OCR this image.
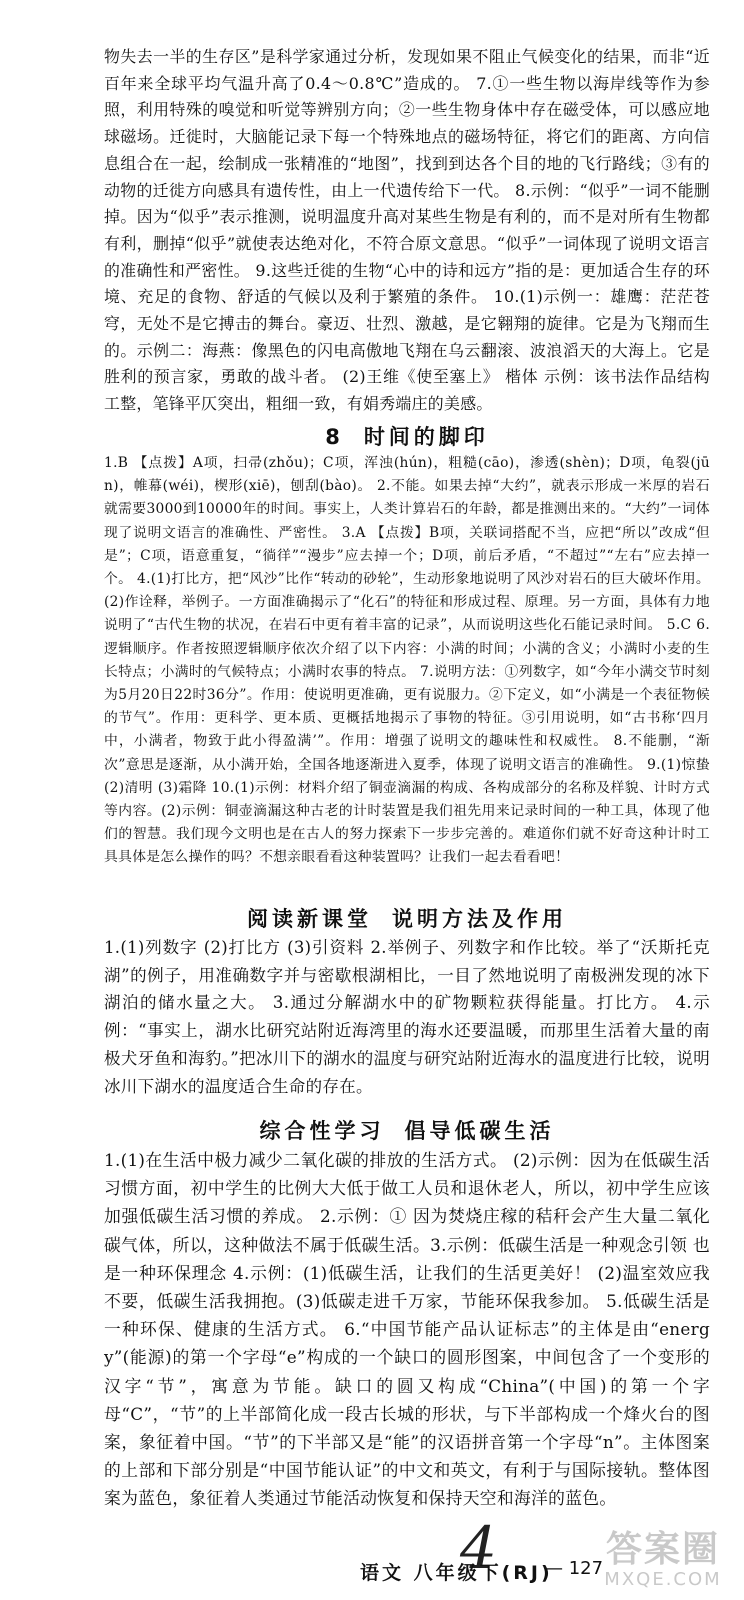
物失去一半的生存区”是科学家通过分析，发现如果不阻止气候变化的结果，而非“近百年来全球平均气温升高了0.4～0.8℃”造成的。 7.①一些生物以海岸线等作为参照，利用特殊的嗅觉和听觉等辨别方向；②一些生物身体中存在磁受体，可以感应地球磁场。迁徙时，大脑能记录下每一个特殊地点的磁场特征，将它们的距离、方向信息组合在一起，绘制成一张精准的“地图”，找到到达各个目的地的飞行路线；③有的动物的迁徙方向感具有遗传性，由上一代遗传给下一代。 8.示例：“似乎”一词不能删掉。因为“似乎”表示推测，说明温度升高对某些生物是有利的，而不是对所有生物都有利，删掉“似乎”就使表达绝对化，不符合原文意思。“似乎”一词体现了说明文语言的准确性和严密性。 9.这些迁徙的生物“心中的诗和远方”指的是：更加适合生存的环境、充足的食物、舒适的气候以及利于繁殖的条件。 10.(1)示例一：雄鹰：茫茫苍穹，无处不是它搏击的舞台。豪迈、壮烈、激越，是它翱翔的旋律。它是为飞翔而生的。示例二：海燕：像黑色的闪电高傲地飞翔在乌云翻滚、波浪滔天的大海上。它是胜利的预言家，勇敢的战斗者。 (2)王维《使至塞上》 楷体 示例：该书法作品结构工整，笔锋平仄突出，粗细一致，有娟秀端庄的美感。

8 时间的脚印

1.B 【点拨】A项，扫帚(zhǒu)；C项，浑浊(hún)，粗糙(cāo)，渗透(shèn)；D项，龟裂(jūn)，帷幕(wéi)，楔形(xiē)，刨刮(bào)。 2.不能。如果去掉“大约”，就表示形成一米厚的岩石就需要3000到10000年的时间。事实上，人类计算岩石的年龄，都是推测出来的。“大约”一词体现了说明文语言的准确性、严密性。 3.A 【点拨】B项，关联词搭配不当，应把“所以”改成“但是”；C项，语意重复，“徜徉”“漫步”应去掉一个；D项，前后矛盾，“不超过”“左右”应去掉一个。 4.(1)打比方，把“风沙”比作“转动的砂轮”，生动形象地说明了风沙对岩石的巨大破坏作用。 (2)作诠释，举例子。一方面准确揭示了“化石”的特征和形成过程、原理。另一方面，具体有力地说明了“古代生物的状况，在岩石中更有着丰富的记录”，从而说明这些化石能记录时间。 5.C 6.逻辑顺序。作者按照逻辑顺序依次介绍了以下内容：小满的时间；小满的含义；小满时小麦的生长特点；小满时的气候特点；小满时农事的特点。 7.说明方法：①列数字，如“今年小满交节时刻为5月20日22时36分”。作用：使说明更准确，更有说服力。②下定义，如“小满是一个表征物候的节气”。作用：更科学、更本质、更概括地揭示了事物的特征。③引用说明，如“古书称‘四月中，小满者，物致于此小得盈满’”。作用：增强了说明文的趣味性和权威性。 8.不能删，“渐次”意思是逐渐，从小满开始，全国各地逐渐进入夏季，体现了说明文语言的准确性。 9.(1)惊蛰 (2)清明 (3)霜降 10.(1)示例：材料介绍了铜壶滴漏的构成、各构成部分的名称及样貌、计时方式等内容。(2)示例：铜壶滴漏这种古老的计时装置是我们祖先用来记录时间的一种工具，体现了他们的智慧。我们现今文明也是在古人的努力探索下一步步完善的。难道你们就不好奇这种计时工具具体是怎么操作的吗？不想亲眼看看这种装置吗？让我们一起去看看吧！

阅读新课堂 说明方法及作用

1.(1)列数字 (2)打比方 (3)引资料 2.举例子、列数字和作比较。举了“沃斯托克湖”的例子，用准确数字并与密歇根湖相比，一目了然地说明了南极洲发现的冰下湖泊的储水量之大。 3.通过分解湖水中的矿物颗粒获得能量。打比方。 4.示例：“事实上，湖水比研究站附近海湾里的海水还要温暖，而那里生活着大量的南极犬牙鱼和海豹。”把冰川下的湖水的温度与研究站附近海水的温度进行比较，说明冰川下湖水的温度适合生命的存在。

综合性学习 倡导低碳生活

1.(1)在生活中极力减少二氧化碳的排放的生活方式。 (2)示例：因为在低碳生活习惯方面，初中学生的比例大大低于做工人员和退休老人，所以，初中学生应该加强低碳生活习惯的养成。 2.示例：① 因为焚烧庄稼的秸秆会产生大量二氧化碳气体，所以，这种做法不属于低碳生活。3.示例：低碳生活是一种观念引领 也是一种环保理念 4.示例：(1)低碳生活，让我们的生活更美好！ (2)温室效应我不要，低碳生活我拥抱。(3)低碳走进千万家，节能环保我参加。 5.低碳生活是一种环保、健康的生活方式。 6.“中国节能产品认证标志”的主体是由“energy”(能源)的第一个字母“e”构成的一个缺口的圆形图案，中间包含了一个变形的汉字“节”，寓意为节能。缺口的圆又构成“China”(中国)的第一个字母“C”，“节”的上半部简化成一段古长城的形状，与下半部构成一个烽火台的图案，象征着中国。“节”的下半部又是“能”的汉语拼音第一个字母“n”。主体图案的上部和下部分别是“中国节能认证”的中文和英文，有利于与国际接轨。整体图案为蓝色，象征着人类通过节能活动恢复和保持天空和海洋的蓝色。

4
语文 八年级下(RJ)
— 127 答案圈
MXQE.COM
